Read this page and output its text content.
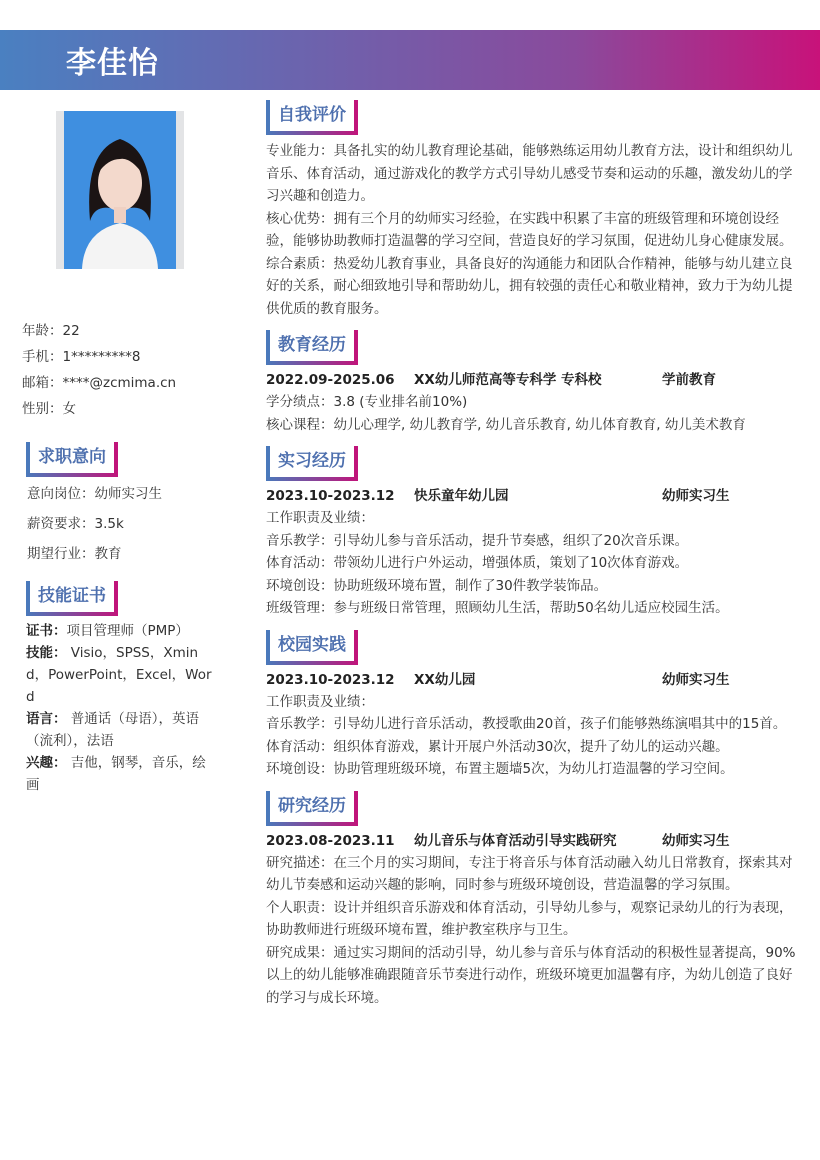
李佳怡
年龄：22
手机：1*********8
邮箱：****@zcmima.cn
性别：女
求职意向
意向岗位：幼师实习生
薪资要求：3.5k
期望行业：教育
技能证书
证书：项目管理师（PMP）
技能： Visio，SPSS，Xmind，PowerPoint，Excel，Word
语言： 普通话（母语），英语（流利），法语
兴趣： 吉他，钢琴，音乐，绘画
自我评价
专业能力：具备扎实的幼儿教育理论基础，能够熟练运用幼儿教育方法，设计和组织幼儿音乐、体育活动，通过游戏化的教学方式引导幼儿感受节奏和运动的乐趣，激发幼儿的学习兴趣和创造力。
核心优势：拥有三个月的幼师实习经验，在实践中积累了丰富的班级管理和环境创设经验，能够协助教师打造温馨的学习空间，营造良好的学习氛围，促进幼儿身心健康发展。
综合素质：热爱幼儿教育事业，具备良好的沟通能力和团队合作精神，能够与幼儿建立良好的关系，耐心细致地引导和帮助幼儿，拥有较强的责任心和敬业精神，致力于为幼儿提供优质的教育服务。
教育经历
2022.09-2025.06	XX幼儿师范高等专科学 专科校	学前教育
学分绩点：3.8 (专业排名前10%)
核心课程：幼儿心理学, 幼儿教育学, 幼儿音乐教育, 幼儿体育教育, 幼儿美术教育
实习经历
2023.10-2023.12	快乐童年幼儿园	幼师实习生
工作职责及业绩：
音乐教学：引导幼儿参与音乐活动，提升节奏感，组织了20次音乐课。
体育活动：带领幼儿进行户外运动，增强体质，策划了10次体育游戏。
环境创设：协助班级环境布置，制作了30件教学装饰品。
班级管理：参与班级日常管理，照顾幼儿生活，帮助50名幼儿适应校园生活。
校园实践
2023.10-2023.12	XX幼儿园	幼师实习生
工作职责及业绩：
音乐教学：引导幼儿进行音乐活动，教授歌曲20首，孩子们能够熟练演唱其中的15首。
体育活动：组织体育游戏，累计开展户外活动30次，提升了幼儿的运动兴趣。
环境创设：协助管理班级环境，布置主题墙5次，为幼儿打造温馨的学习空间。
研究经历
2023.08-2023.11	幼儿音乐与体育活动引导实践研究	幼师实习生
研究描述：在三个月的实习期间，专注于将音乐与体育活动融入幼儿日常教育，探索其对幼儿节奏感和运动兴趣的影响，同时参与班级环境创设，营造温馨的学习氛围。
个人职责：设计并组织音乐游戏和体育活动，引导幼儿参与，观察记录幼儿的行为表现，协助教师进行班级环境布置，维护教室秩序与卫生。
研究成果：通过实习期间的活动引导，幼儿参与音乐与体育活动的积极性显著提高，90%以上的幼儿能够准确跟随音乐节奏进行动作，班级环境更加温馨有序，为幼儿创造了良好的学习与成长环境。
